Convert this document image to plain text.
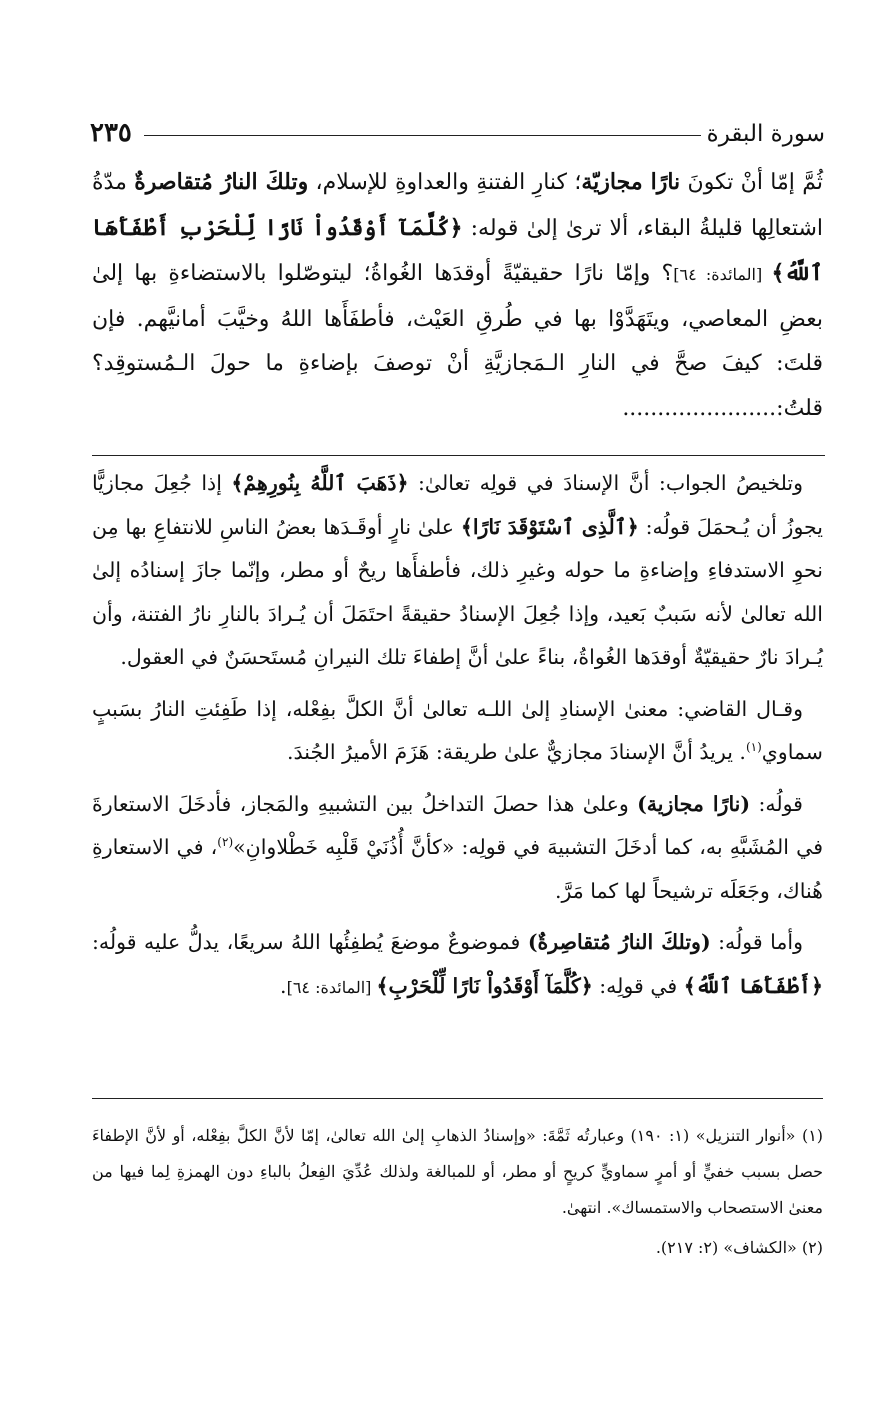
٢٣٥	سورة البقرة

ثُمَّ إمّا أنْ تكونَ نارًا مجازيّة؛ كنارِ الفتنةِ والعداوةِ للإسلام، وتلكَ النارُ مُتقاصرةٌ مدّةُ اشتعالِها قليلةُ البقاء، ألا ترىٰ إلىٰ قوله: ﴿كُلَّمَآ أَوْقَدُواْ نَارًا لِّلْحَرْبِ أَطْفَأَهَا ٱللَّهُ﴾ [المائدة: ٦٤]؟ وإمّا نارًا حقيقيّةً أوقدَها الغُواةُ؛ ليتوصّلوا بالاستضاءةِ بها إلىٰ بعضِ المعاصي، ويتَهَدَّوْا بها في طُرقِ العَيْث، فأطفَأَها اللهُ وخيَّبَ أمانيَّهم. فإن قلتَ: كيفَ صحَّ في النارِ الـمَجازيَّةِ أنْ توصفَ بإضاءةِ ما حولَ الـمُستوقِد؟ قلتُ:......................

وتلخيصُ الجواب: أنَّ الإسنادَ في قولِه تعالىٰ: ﴿ذَهَبَ ٱللَّهُ بِنُورِهِمْ﴾ إذا جُعِلَ مجازيًّا يجوزُ أن يُـحمَلَ قولُه: ﴿ٱلَّذِى ٱسْتَوْقَدَ نَارًا﴾ علىٰ نارٍ أوقَـدَها بعضُ الناسِ للانتفاعِ بها مِن نحوِ الاستدفاءِ وإضاءةِ ما حوله وغيرِ ذلك، فأطفأَها ريحٌ أو مطر، وإنّما جازَ إسنادُه إلىٰ الله تعالىٰ لأنه سَببٌ بَعيد، وإذا جُعِلَ الإسنادُ حقيقةً احتَمَلَ أن يُـرادَ بالنارِ نارُ الفتنة، وأن يُـرادَ نارٌ حقيقيّةٌ أوقدَها الغُواةُ، بناءً علىٰ أنَّ إطفاءَ تلك النيرانِ مُستَحسَنٌ في العقول.

وقـال القاضي: معنىٰ الإسنادِ إلىٰ اللـه تعالىٰ أنَّ الكلَّ بفِعْله، إذا طَفِئتِ النارُ بسَببٍ سماوي$^{(١)}$. يريدُ أنَّ الإسنادَ مجازيٌّ علىٰ طريقة: هَزَمَ الأميرُ الجُندَ.

قولُه: (نارًا مجازية) وعلىٰ هذا حصلَ التداخلُ بين التشبيهِ والمَجاز، فأدخَلَ الاستعارةَ في المُشَبَّهِ به، كما أدخَلَ التشبيهَ في قولِه: «كأنَّ أُذُنَيْ قَلْبِه خَطْلاوانِ»$^{(٢)}$، في الاستعارةِ هُناك، وجَعَلَه ترشيحاً لها كما مَرَّ.

وأما قولُه: (وتلكَ النارُ مُتقاصِرةٌ) فموضوعٌ موضعَ يُطفِئُها اللهُ سريعًا، يدلُّ عليه قولُه: ﴿أَطْفَأَهَا ٱللَّهُ﴾ في قولِه: ﴿كُلَّمَآ أَوْقَدُواْ نَارًا لِّلْحَرْبِ﴾ [المائدة: ٦٤].

(١) «أنوار التنزيل» (١: ١٩٠) وعبارتُه ثَمَّةَ: «وإسنادُ الذهابِ إلىٰ الله تعالىٰ، إمّا لأنَّ الكلَّ بفِعْله، أو لأنَّ الإطفاءَ حصل بسبب خفيٍّ أو أمرٍ سماويٍّ كريحٍ أو مطر، أو للمبالغة ولذلك عُدِّيَ الفِعلُ بالباءِ دون الهمزةِ لِما فيها من معنىٰ الاستصحاب والاستمساك». انتهىٰ.

(٢) «الكشاف» (٢: ٢١٧).
